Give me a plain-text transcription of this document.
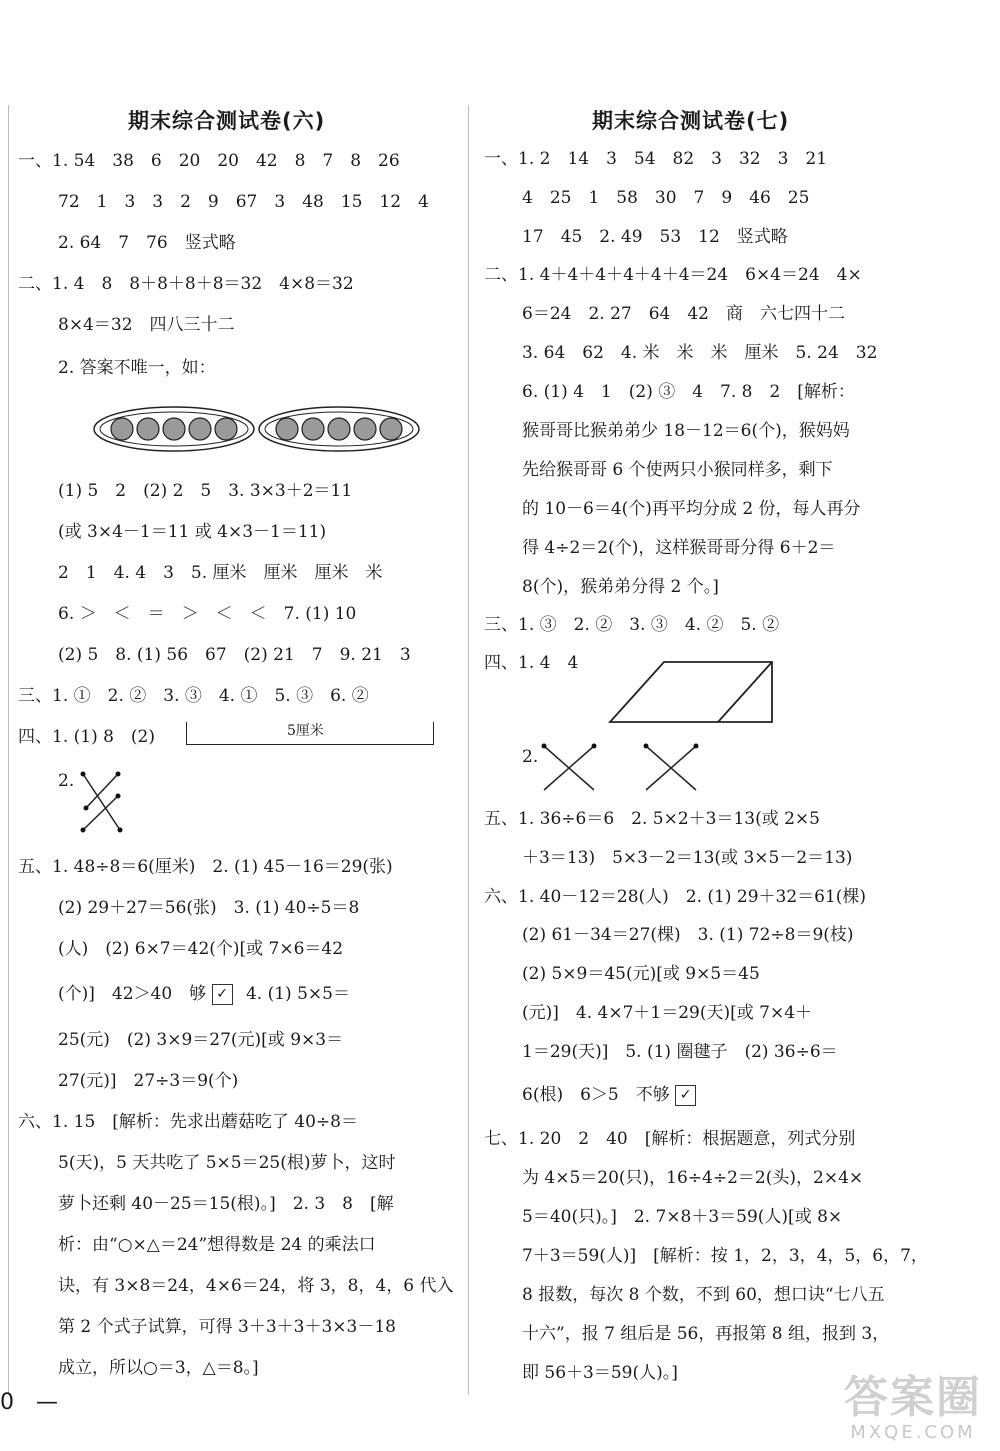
期末综合测试卷(六)
一、1. 54　38　6　20　20　42　8　7　8　26
72　1　3　3　2　9　67　3　48　15　12　4
2. 64　7　76　竖式略
二、1. 4　8　8＋8＋8＋8＝32　4×8＝32
8×4＝32　四八三十二
2. 答案不唯一，如：
(1) 5　2　(2) 2　5　3. 3×3＋2＝11
(或 3×4－1＝11 或 4×3－1＝11)
2　1　4. 4　3　5. 厘米　厘米　厘米　米
6. ＞　＜　＝　＞　＜　＜　7. (1) 10
(2) 5　8. (1) 56　67　(2) 21　7　9. 21　3
三、1. ①　2. ②　3. ③　4. ①　5. ③　6. ②
四、1. (1) 8　(2)	5厘米
2.
五、1. 48÷8＝6(厘米)　2. (1) 45－16＝29(张)
(2) 29＋27＝56(张)　3. (1) 40÷5＝8
(人)　(2) 6×7＝42(个)[或 7×6＝42
(个)]　42＞40　够 ✓ 4. (1) 5×5＝
25(元)　(2) 3×9＝27(元)[或 9×3＝
27(元)]　27÷3＝9(个)
六、1. 15　[解析：先求出蘑菇吃了 40÷8＝
5(天)，5 天共吃了 5×5＝25(根)萝卜，这时
萝卜还剩 40－25＝15(根)。]　2. 3　8　[解
析：由“○×△＝24”想得数是 24 的乘法口
诀，有 3×8＝24，4×6＝24，将 3，8，4，6 代入
第 2 个式子试算，可得 3＋3＋3＋3×3－18
成立，所以○＝3，△＝8。]
期末综合测试卷(七)
一、1. 2　14　3　54　82　3　32　3　21
4　25　1　58　30　7　9　46　25
17　45　2. 49　53　12　竖式略
二、1. 4＋4＋4＋4＋4＋4＝24　6×4＝24　4×
6＝24　2. 27　64　42　商　六七四十二
3. 64　62　4. 米　米　米　厘米　5. 24　32
6. (1) 4　1　(2) ③　4　7. 8　2　[解析：
猴哥哥比猴弟弟少 18－12＝6(个)，猴妈妈
先给猴哥哥 6 个使两只小猴同样多，剩下
的 10－6＝4(个)再平均分成 2 份，每人再分
得 4÷2＝2(个)，这样猴哥哥分得 6＋2＝
8(个)，猴弟弟分得 2 个。]
三、1. ③　2. ②　3. ③　4. ②　5. ②
四、1. 4　4
2.
五、1. 36÷6＝6　2. 5×2＋3＝13(或 2×5
＋3＝13)　5×3－2＝13(或 3×5－2＝13)
六、1. 40－12＝28(人)　2. (1) 29＋32＝61(棵)
(2) 61－34＝27(棵)　3. (1) 72÷8＝9(枝)
(2) 5×9＝45(元)[或 9×5＝45
(元)]　4. 4×7＋1＝29(天)[或 7×4＋
1＝29(天)]　5. (1) 圈毽子　(2) 36÷6＝
6(根)　6＞5　不够 ✓
七、1. 20　2　40　[解析：根据题意，列式分别
为 4×5＝20(只)，16÷4÷2＝2(头)，2×4×
5＝40(只)。]　2. 7×8＋3＝59(人)[或 8×
7＋3＝59(人)]　[解析：按 1，2，3，4，5，6，7，
8 报数，每次 8 个数，不到 60，想口诀“七八五
十六”，报 7 组后是 56，再报第 8 组，报到 3，
即 56＋3＝59(人)。]
0　—	答案圈
MXQE.COM
